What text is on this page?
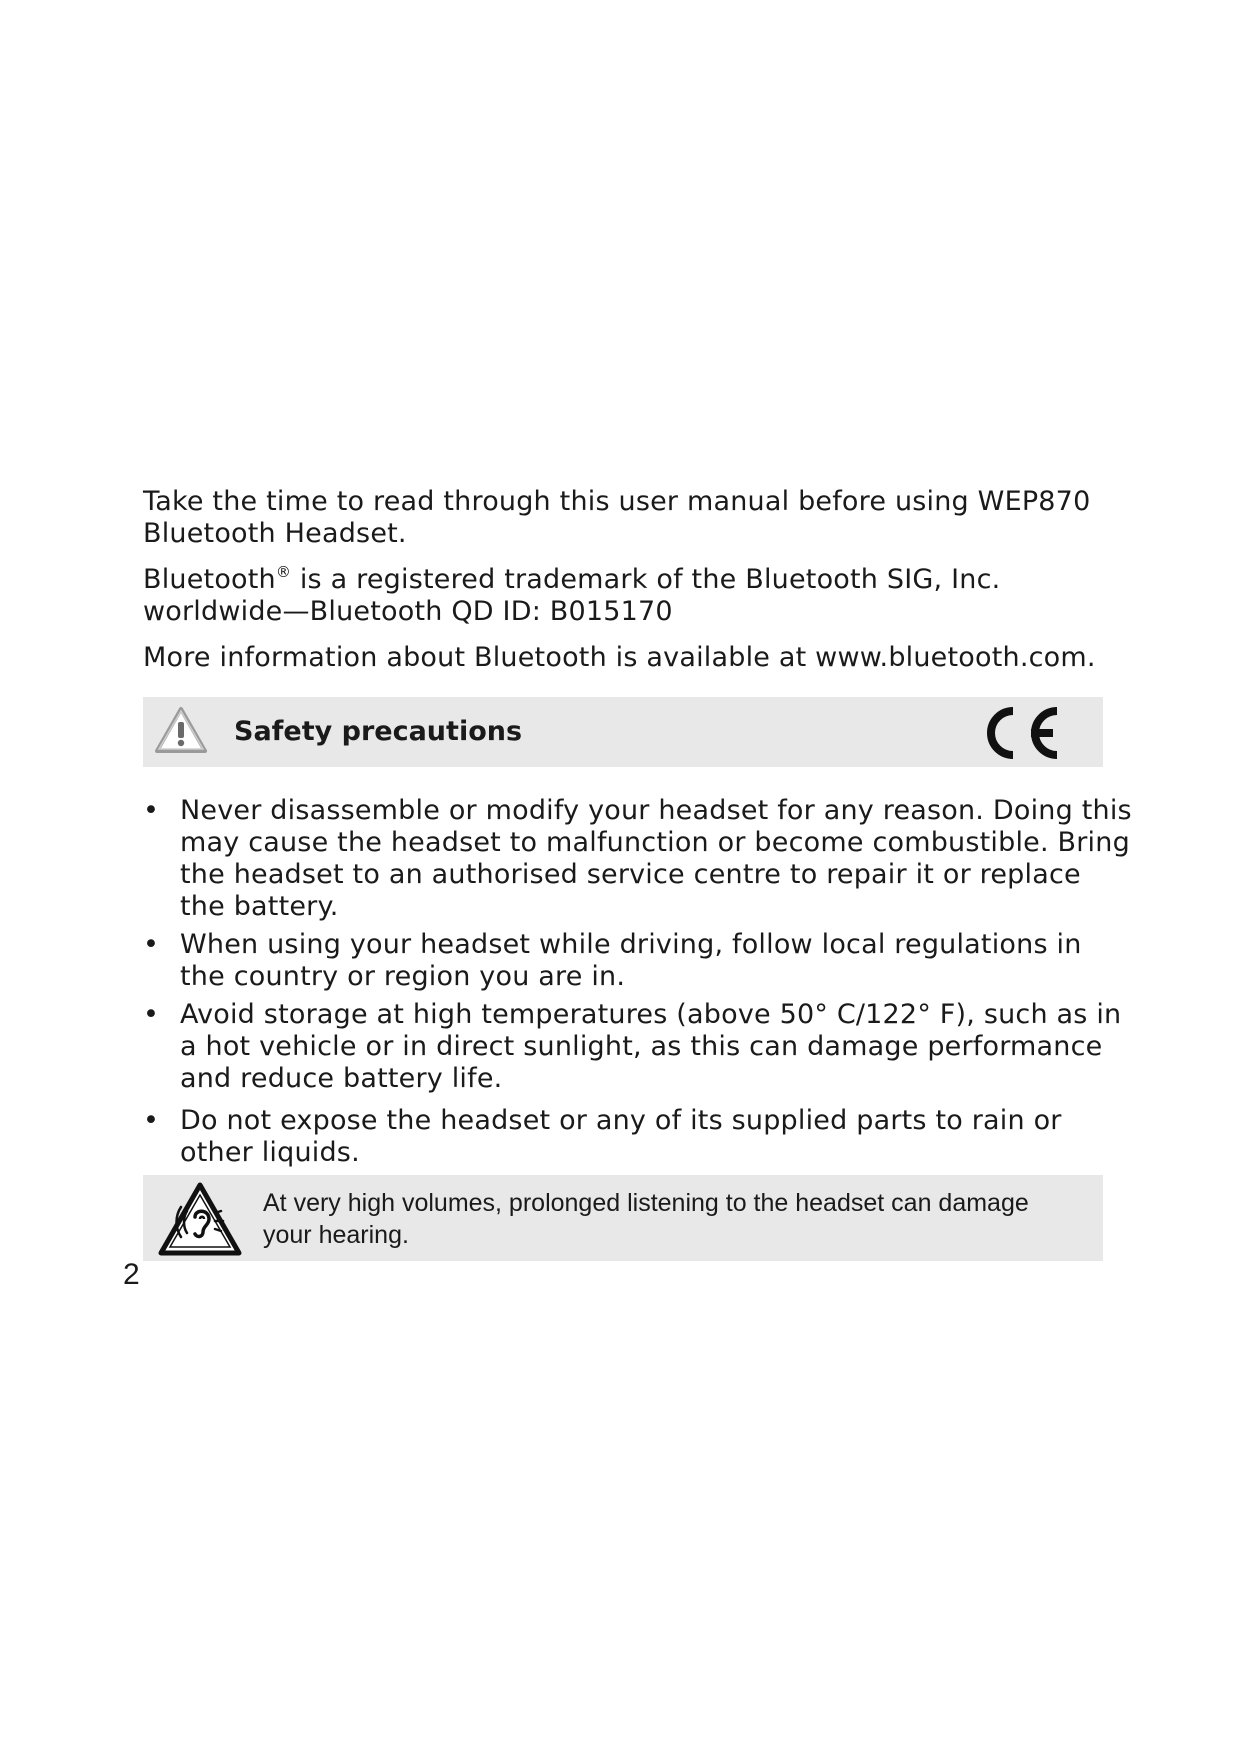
Take the time to read through this user manual before using WEP870 Bluetooth Headset.

Bluetooth® is a registered trademark of the Bluetooth SIG, Inc. worldwide—Bluetooth QD ID: B015170

More information about Bluetooth is available at www.bluetooth.com.

Safety precautions
• Never disassemble or modify your headset for any reason. Doing this may cause the headset to malfunction or become combustible. Bring the headset to an authorised service centre to repair it or replace the battery.
• When using your headset while driving, follow local regulations in the country or region you are in.
• Avoid storage at high temperatures (above 50° C/122° F), such as in a hot vehicle or in direct sunlight, as this can damage performance and reduce battery life.
• Do not expose the headset or any of its supplied parts to rain or other liquids.
At very high volumes, prolonged listening to the headset can damage your hearing.
2
